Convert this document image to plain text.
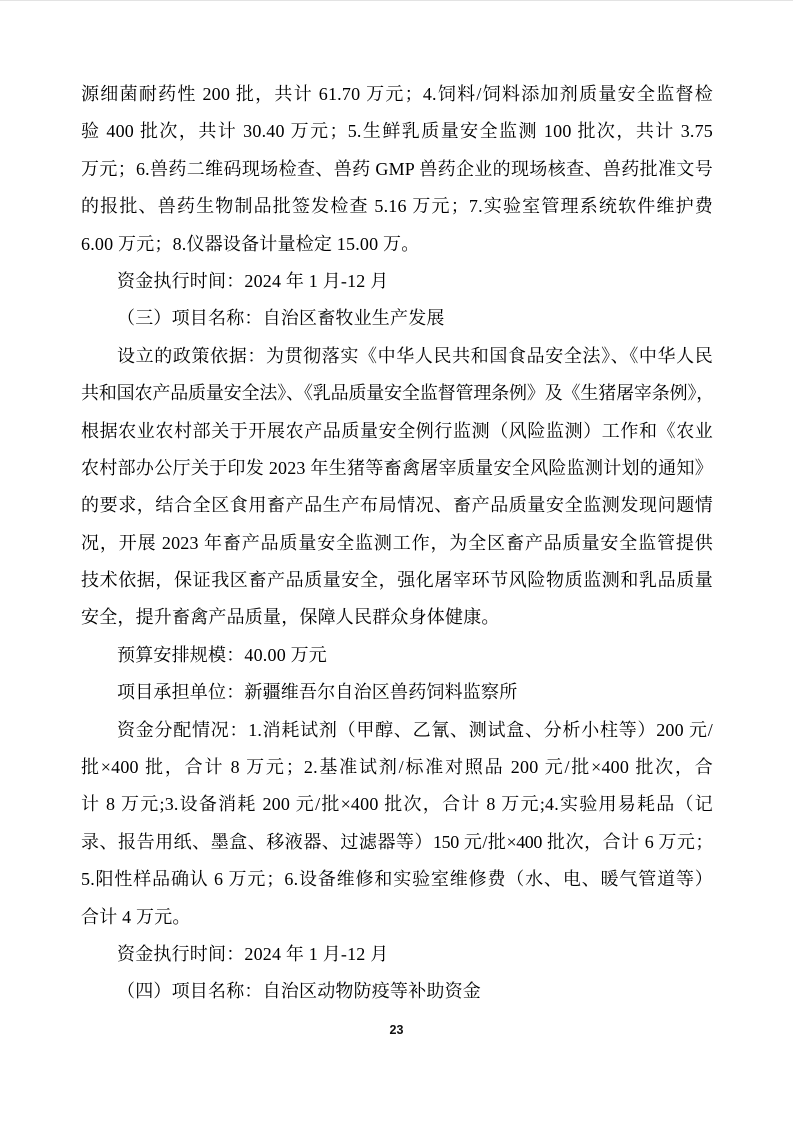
源细菌耐药性 200 批，共计 61.70 万元；4.饲料/饲料添加剂质量安全监督检
验 400 批次，共计 30.40 万元；5.生鲜乳质量安全监测 100 批次，共计 3.75
万元；6.兽药二维码现场检查、兽药 GMP 兽药企业的现场核查、兽药批准文号
的报批、兽药生物制品批签发检查 5.16 万元；7.实验室管理系统软件维护费
6.00 万元；8.仪器设备计量检定 15.00 万。
资金执行时间：2024 年 1 月-12 月
（三）项目名称：自治区畜牧业生产发展
设立的政策依据：为贯彻落实《中华人民共和国食品安全法》、《中华人民
共和国农产品质量安全法》、《乳品质量安全监督管理条例》及《生猪屠宰条例》，
根据农业农村部关于开展农产品质量安全例行监测（风险监测）工作和《农业
农村部办公厅关于印发 2023 年生猪等畜禽屠宰质量安全风险监测计划的通知》
的要求，结合全区食用畜产品生产布局情况、畜产品质量安全监测发现问题情
况，开展 2023 年畜产品质量安全监测工作，为全区畜产品质量安全监管提供
技术依据，保证我区畜产品质量安全，强化屠宰环节风险物质监测和乳品质量
安全，提升畜禽产品质量，保障人民群众身体健康。
预算安排规模：40.00 万元
项目承担单位：新疆维吾尔自治区兽药饲料监察所
资金分配情况：1.消耗试剂（甲醇、乙氰、测试盒、分析小柱等）200 元/
批×400 批，合计 8 万元；2.基准试剂/标准对照品 200 元/批×400 批次，合
计 8 万元;3.设备消耗 200 元/批×400 批次，合计 8 万元;4.实验用易耗品（记
录、报告用纸、墨盒、移液器、过滤器等）150 元/批×400 批次，合计 6 万元；
5.阳性样品确认 6 万元；6.设备维修和实验室维修费（水、电、暖气管道等）
合计 4 万元。
资金执行时间：2024 年 1 月-12 月
（四）项目名称：自治区动物防疫等补助资金
23
